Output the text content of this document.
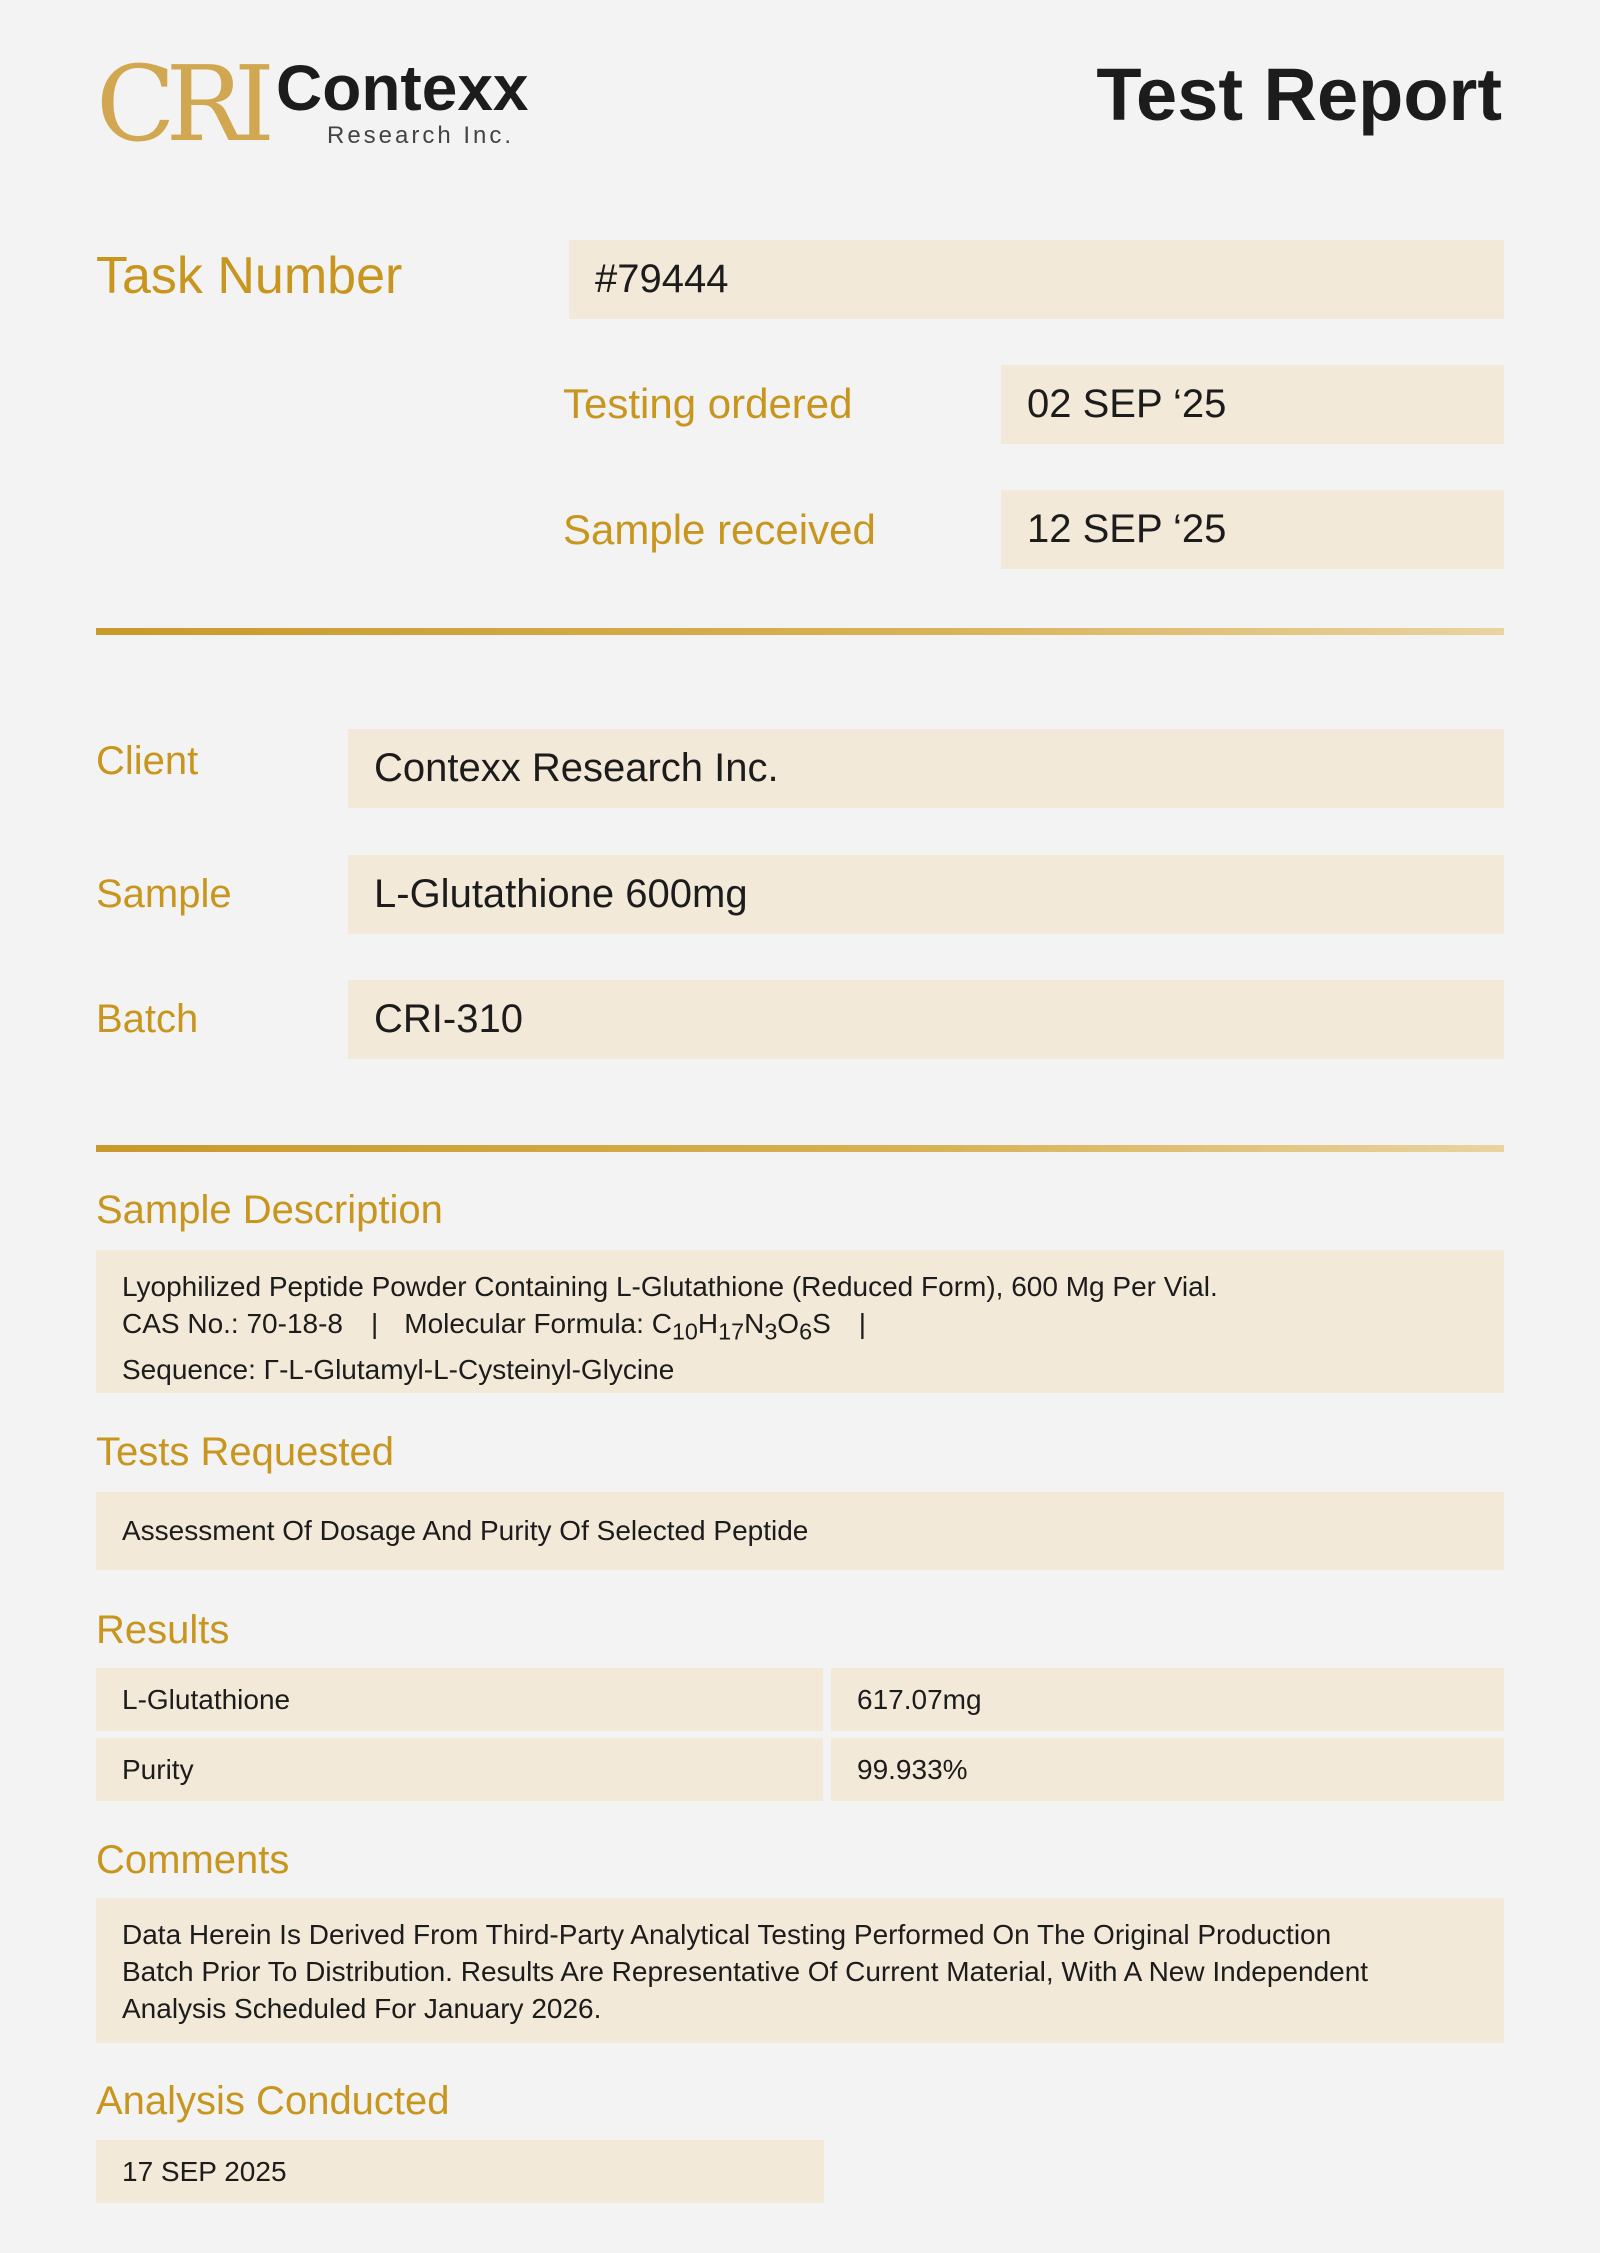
CRI Contexx
Research Inc.	Test Report
Task Number	#79444
Testing ordered	02 SEP ‘25
Sample received	12 SEP ‘25
Client	Contexx Research Inc.
Sample	L-Glutathione 600mg
Batch	CRI-310
Sample Description
Lyophilized Peptide Powder Containing L-Glutathione (Reduced Form), 600 Mg Per Vial.
CAS No.: 70-18-8 | Molecular Formula: $C_{10}H_{17}N_3O_6S$ |
Sequence: Γ-L-Glutamyl-L-Cysteinyl-Glycine
Tests Requested
Assessment Of Dosage And Purity Of Selected Peptide
Results
L-Glutathione	617.07mg
Purity	99.933%
Comments
Data Herein Is Derived From Third-Party Analytical Testing Performed On The Original Production
Batch Prior To Distribution. Results Are Representative Of Current Material, With A New Independent
Analysis Scheduled For January 2026.
Analysis Conducted
17 SEP 2025
